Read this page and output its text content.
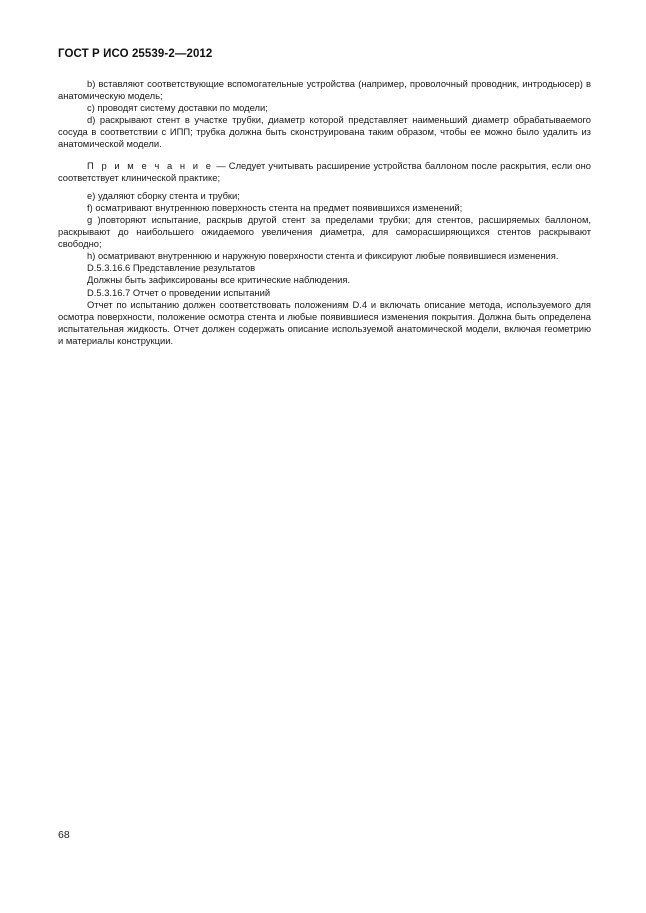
ГОСТ Р ИСО 25539-2—2012

b) вставляют соответствующие вспомогательные устройства (например, проволочный проводник, интродьюсер) в анатомическую модель;

c) проводят систему доставки по модели;

d) раскрывают стент в участке трубки, диаметр которой представляет наименьший диаметр обрабатываемого сосуда в соответствии с ИПП; трубка должна быть сконструирована таким образом, чтобы ее можно было удалить из анатомической модели.

П р и м е ч а н и е — Следует учитывать расширение устройства баллоном после раскрытия, если оно соответствует клинической практике;

e) удаляют сборку стента и трубки;

f) осматривают внутреннюю поверхность стента на предмет появившихся изменений;

g )повторяют испытание, раскрыв другой стент за пределами трубки; для стентов, расширяемых баллоном, раскрывают до наибольшего ожидаемого увеличения диаметра, для саморасширяющихся стентов раскрывают свободно;

h) осматривают внутреннюю и наружную поверхности стента и фиксируют любые появившиеся изменения.

D.5.3.16.6 Представление результатов

Должны быть зафиксированы все критические наблюдения.

D.5.3.16.7 Отчет о проведении испытаний

Отчет по испытанию должен соответствовать положениям D.4 и включать описание метода, используемого для осмотра поверхности, положение осмотра стента и любые появившиеся изменения покрытия. Должна быть определена испытательная жидкость. Отчет должен содержать описание используемой анатомической модели, включая геометрию и материалы конструкции.

68
